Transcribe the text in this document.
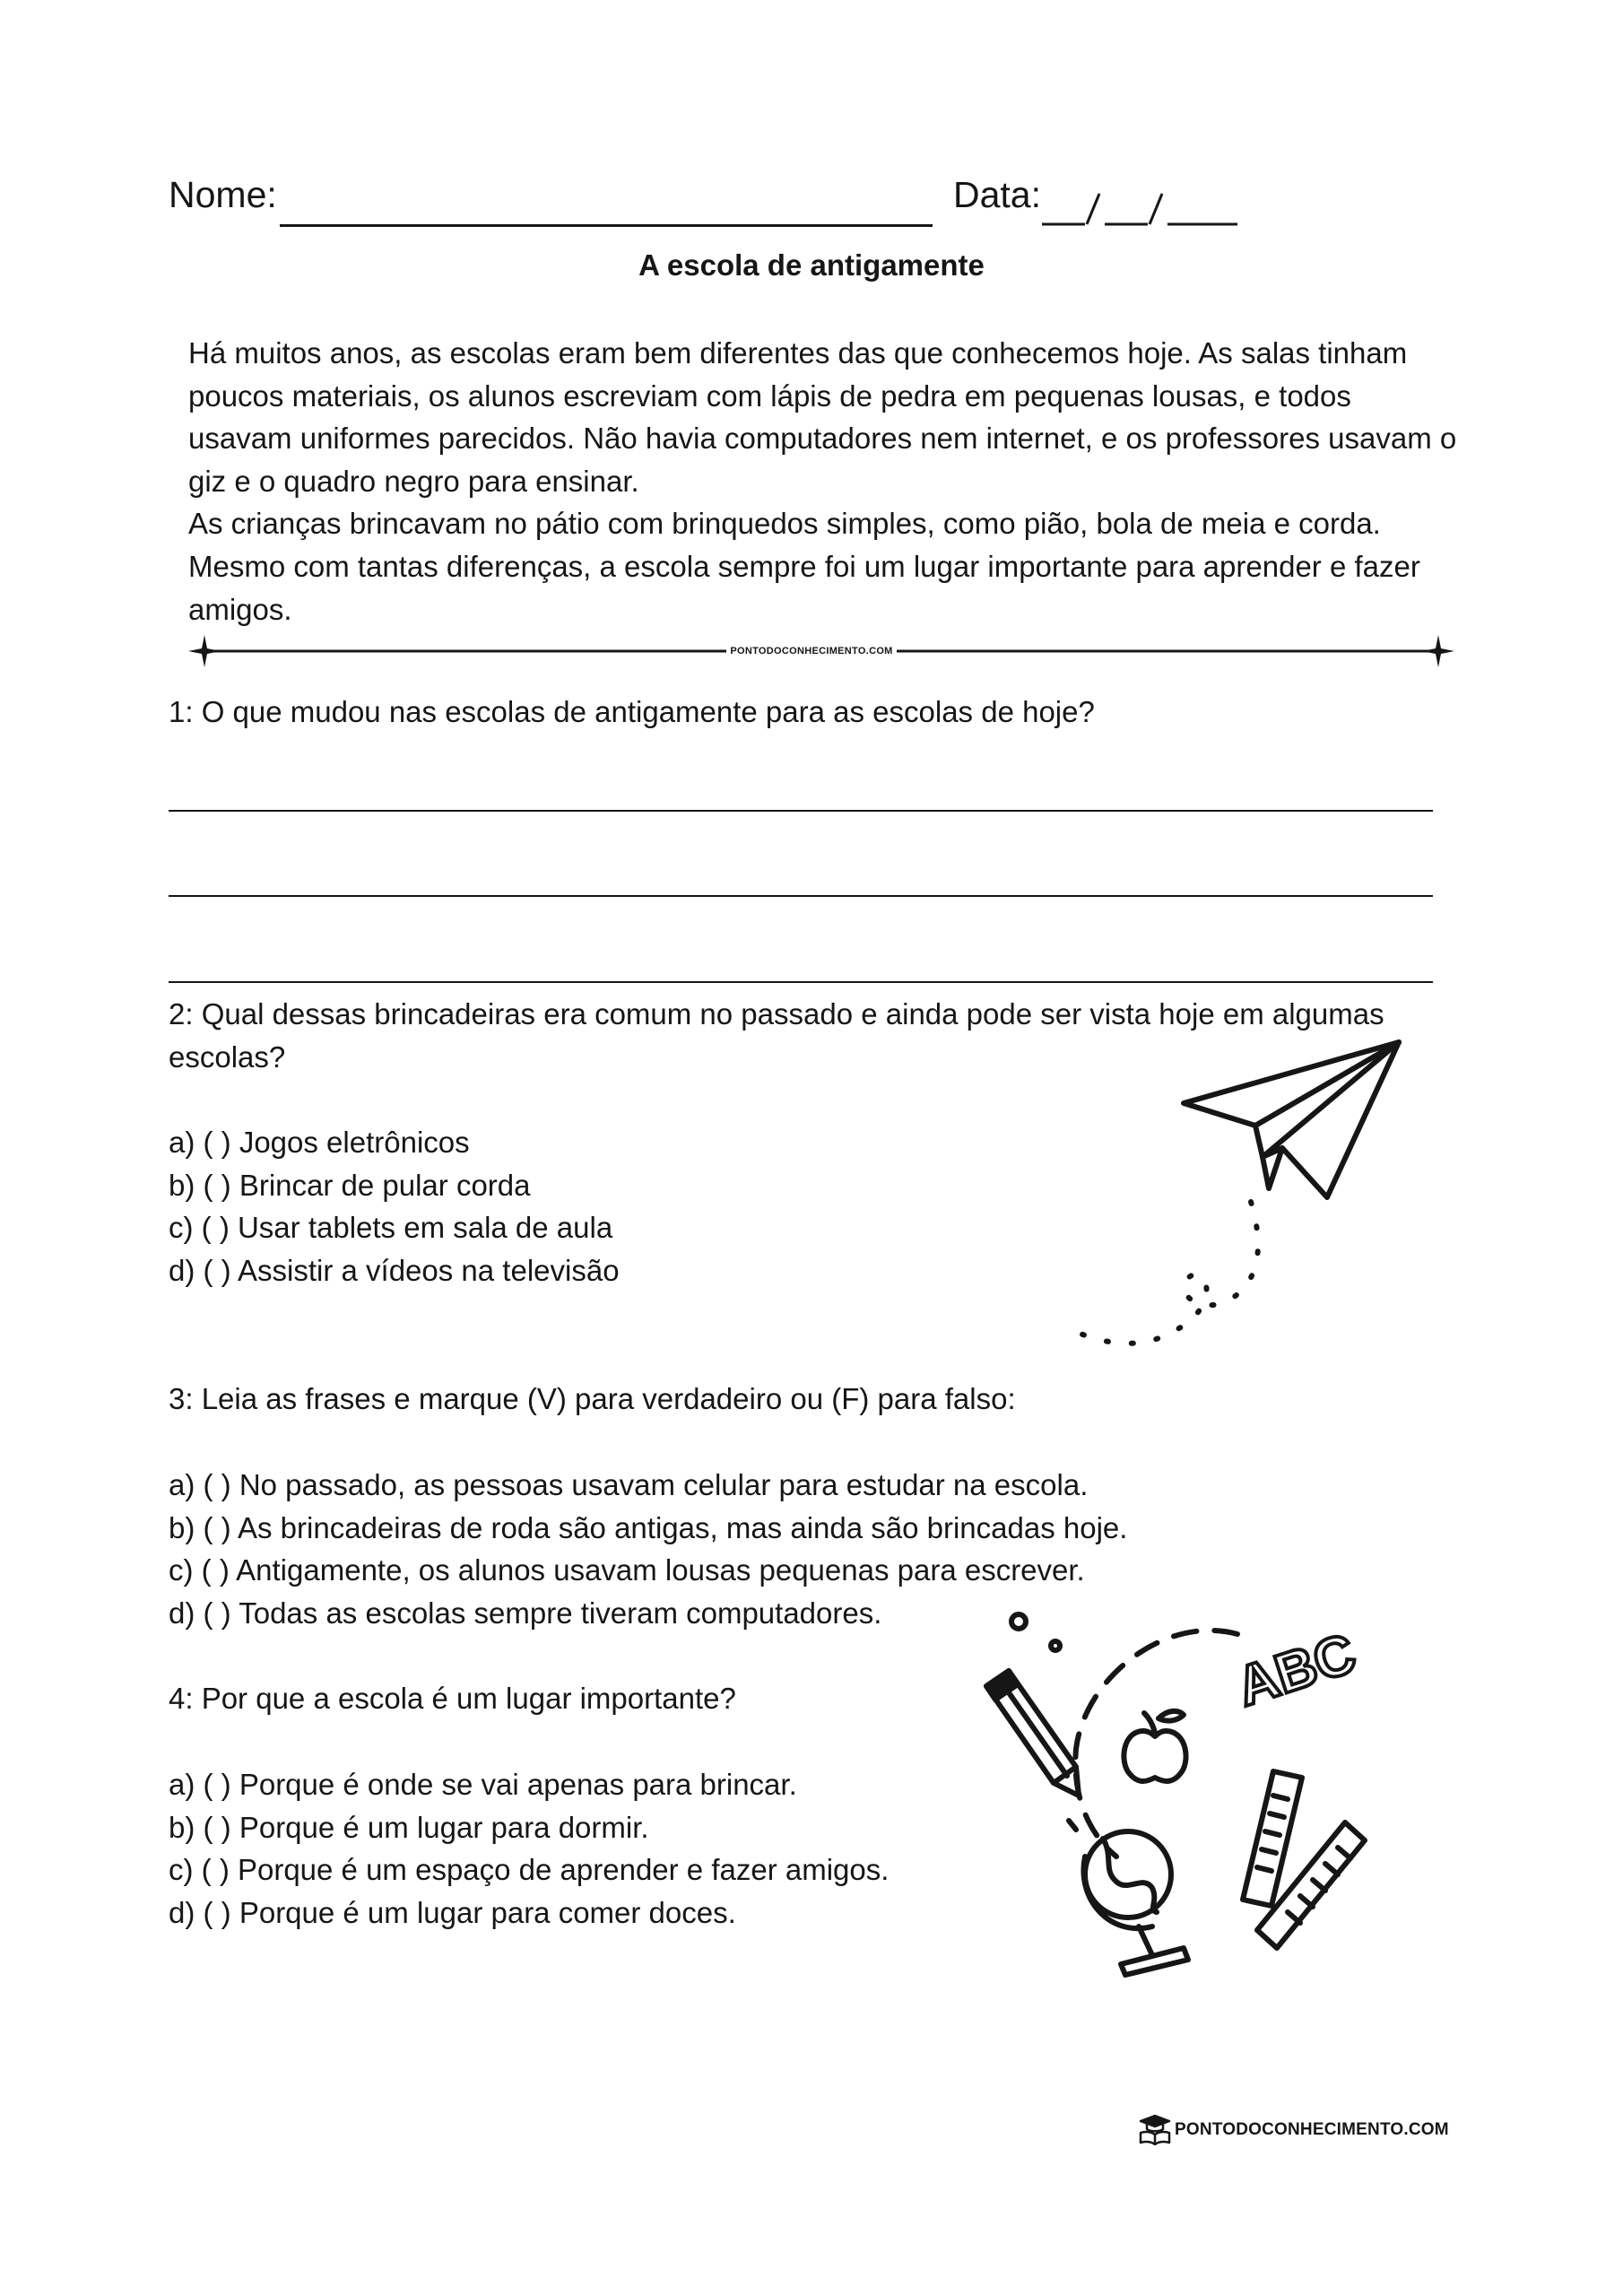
Nome:	Data:
A escola de antigamente

Há muitos anos, as escolas eram bem diferentes das que conhecemos hoje. As salas tinham poucos materiais, os alunos escreviam com lápis de pedra em pequenas lousas, e todos usavam uniformes parecidos. Não havia computadores nem internet, e os professores usavam o giz e o quadro negro para ensinar.

As crianças brincavam no pátio com brinquedos simples, como pião, bola de meia e corda. Mesmo com tantas diferenças, a escola sempre foi um lugar importante para aprender e fazer amigos.

PONTODOCONHECIMENTO.COM
1: O que mudou nas escolas de antigamente para as escolas de hoje?
2: Qual dessas brincadeiras era comum no passado e ainda pode ser vista hoje em algumas escolas?
a) ( ) Jogos eletrônicos
b) ( ) Brincar de pular corda
c) ( ) Usar tablets em sala de aula
d) ( ) Assistir a vídeos na televisão
3: Leia as frases e marque (V) para verdadeiro ou (F) para falso:
a) ( ) No passado, as pessoas usavam celular para estudar na escola.
b) ( ) As brincadeiras de roda são antigas, mas ainda são brincadas hoje.
c) ( ) Antigamente, os alunos usavam lousas pequenas para escrever.
d) ( ) Todas as escolas sempre tiveram computadores.
4: Por que a escola é um lugar importante?
a) ( ) Porque é onde se vai apenas para brincar.
b) ( ) Porque é um lugar para dormir.
c) ( ) Porque é um espaço de aprender e fazer amigos.
d) ( ) Porque é um lugar para comer doces.
ABC
PONTODOCONHECIMENTO.COM
